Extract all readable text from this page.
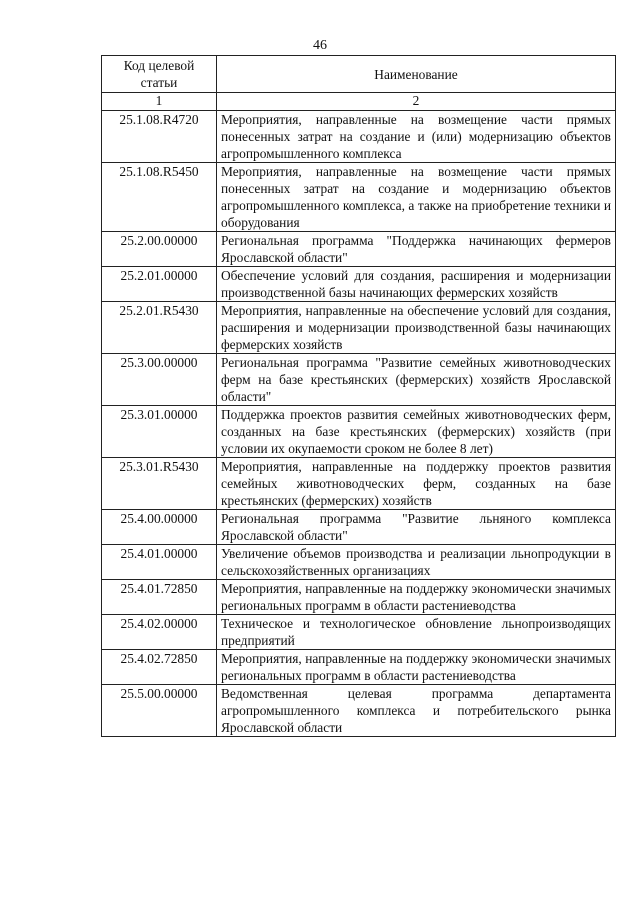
46
Код целевой статьи	Наименование
1	2
25.1.08.R4720	Мероприятия, направленные на возмещение части прямых понесенных затрат на создание и (или) модернизацию объектов агропромышленного комплекса
25.1.08.R5450	Мероприятия, направленные на возмещение части прямых понесенных затрат на создание и модернизацию объектов агропромышленного комплекса, а также на приобретение техники и оборудования
25.2.00.00000	Региональная программа "Поддержка начинающих фермеров Ярославской области"
25.2.01.00000	Обеспечение условий для создания, расширения и модернизации производственной базы начинающих фермерских хозяйств
25.2.01.R5430	Мероприятия, направленные на обеспечение условий для создания, расширения и модернизации производственной базы начинающих фермерских хозяйств
25.3.00.00000	Региональная программа "Развитие семейных животноводческих ферм на базе крестьянских (фермерских) хозяйств Ярославской области"
25.3.01.00000	Поддержка проектов развития семейных животноводческих ферм, созданных на базе крестьянских (фермерских) хозяйств (при условии их окупаемости сроком не более 8 лет)
25.3.01.R5430	Мероприятия, направленные на поддержку проектов развития семейных животноводческих ферм, созданных на базе крестьянских (фермерских) хозяйств
25.4.00.00000	Региональная программа "Развитие льняного комплекса Ярославской области"
25.4.01.00000	Увеличение объемов производства и реализации льнопродукции в сельскохозяйственных организациях
25.4.01.72850	Мероприятия, направленные на поддержку экономически значимых региональных программ в области растениеводства
25.4.02.00000	Техническое и технологическое обновление льнопроизводящих предприятий
25.4.02.72850	Мероприятия, направленные на поддержку экономически значимых региональных программ в области растениеводства
25.5.00.00000	Ведомственная целевая программа департамента агропромышленного комплекса и потребительского рынка Ярославской области
